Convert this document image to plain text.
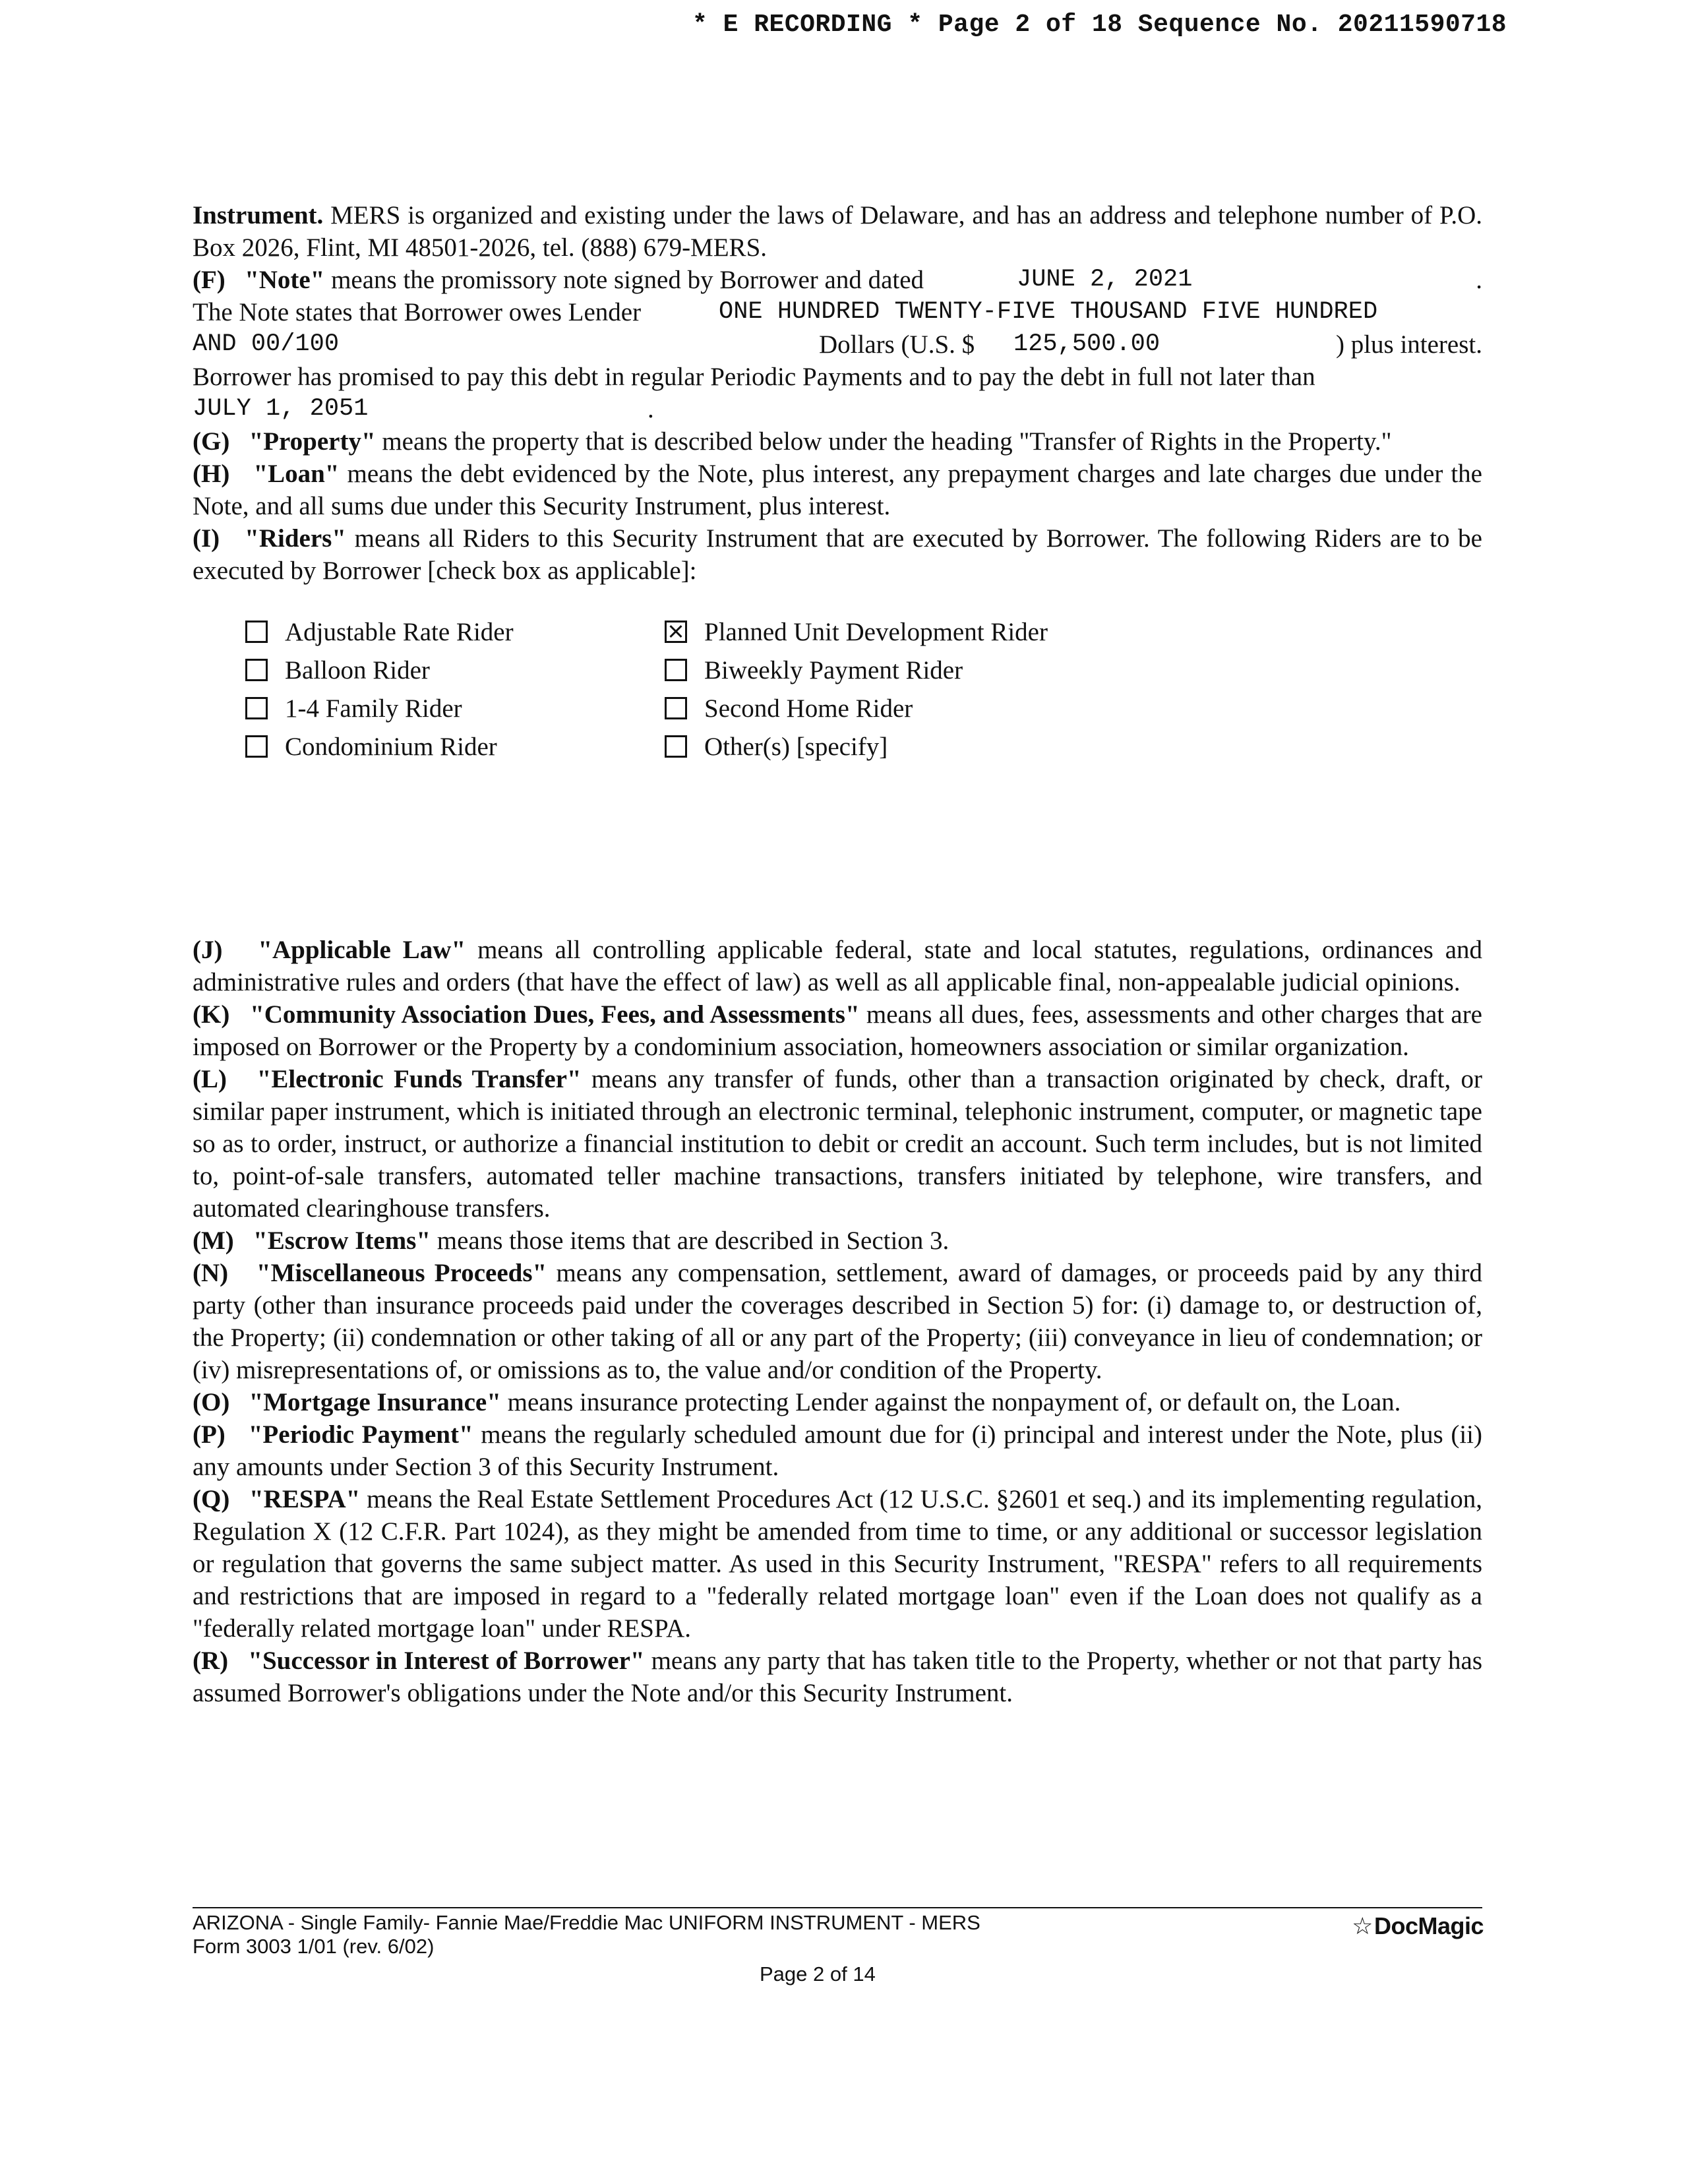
* E RECORDING * Page 2 of 18 Sequence No. 20211590718

Instrument. MERS is organized and existing under the laws of Delaware, and has an address and telephone number of P.O. Box 2026, Flint, MI 48501-2026, tel. (888) 679-MERS.

(F) "Note" means the promissory note signed by Borrower and dated	JUNE 2, 2021	.
The Note states that Borrower owes Lender	ONE HUNDRED TWENTY-FIVE THOUSAND FIVE HUNDRED
AND 00/100	Dollars (U.S. $ 125,500.00	) plus interest.

Borrower has promised to pay this debt in regular Periodic Payments and to pay the debt in full not later than

JULY 1, 2051	.

(G) "Property" means the property that is described below under the heading "Transfer of Rights in the Property."

(H) "Loan" means the debt evidenced by the Note, plus interest, any prepayment charges and late charges due under the Note, and all sums due under this Security Instrument, plus interest.

(I) "Riders" means all Riders to this Security Instrument that are executed by Borrower. The following Riders are to be executed by Borrower [check box as applicable]:

Adjustable Rate Rider
Balloon Rider
1-4 Family Rider
Condominium Rider
Planned Unit Development Rider
Biweekly Payment Rider
Second Home Rider
Other(s) [specify]

(J) "Applicable Law" means all controlling applicable federal, state and local statutes, regulations, ordinances and administrative rules and orders (that have the effect of law) as well as all applicable final, non-appealable judicial opinions.

(K) "Community Association Dues, Fees, and Assessments" means all dues, fees, assessments and other charges that are imposed on Borrower or the Property by a condominium association, homeowners association or similar organization.

(L) "Electronic Funds Transfer" means any transfer of funds, other than a transaction originated by check, draft, or similar paper instrument, which is initiated through an electronic terminal, telephonic instrument, computer, or magnetic tape so as to order, instruct, or authorize a financial institution to debit or credit an account. Such term includes, but is not limited to, point-of-sale transfers, automated teller machine transactions, transfers initiated by telephone, wire transfers, and automated clearinghouse transfers.

(M) "Escrow Items" means those items that are described in Section 3.

(N) "Miscellaneous Proceeds" means any compensation, settlement, award of damages, or proceeds paid by any third party (other than insurance proceeds paid under the coverages described in Section 5) for: (i) damage to, or destruction of, the Property; (ii) condemnation or other taking of all or any part of the Property; (iii) conveyance in lieu of condemnation; or (iv) misrepresentations of, or omissions as to, the value and/or condition of the Property.

(O) "Mortgage Insurance" means insurance protecting Lender against the nonpayment of, or default on, the Loan.

(P) "Periodic Payment" means the regularly scheduled amount due for (i) principal and interest under the Note, plus (ii) any amounts under Section 3 of this Security Instrument.

(Q) "RESPA" means the Real Estate Settlement Procedures Act (12 U.S.C. §2601 et seq.) and its implementing regulation, Regulation X (12 C.F.R. Part 1024), as they might be amended from time to time, or any additional or successor legislation or regulation that governs the same subject matter. As used in this Security Instrument, "RESPA" refers to all requirements and restrictions that are imposed in regard to a "federally related mortgage loan" even if the Loan does not qualify as a "federally related mortgage loan" under RESPA.

(R) "Successor in Interest of Borrower" means any party that has taken title to the Property, whether or not that party has assumed Borrower's obligations under the Note and/or this Security Instrument.

ARIZONA - Single Family- Fannie Mae/Freddie Mac UNIFORM INSTRUMENT - MERS
Form 3003 1/01 (rev. 6/02)
Page 2 of 14
☆DocMagic
